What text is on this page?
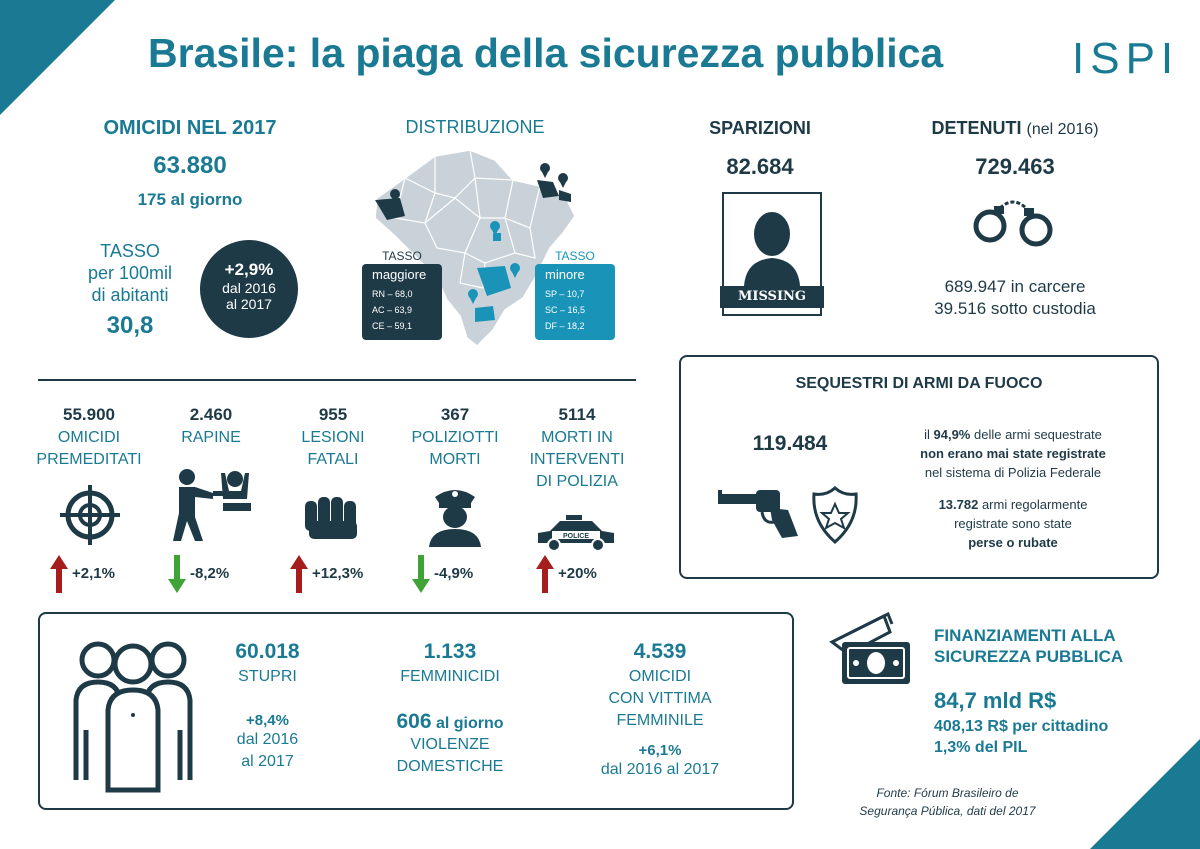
Brasile: la piaga della sicurezza pubblica	ISPI
OMICIDI NEL 2017
63.880
175 al giorno
TASSO
per 100mil
di abitanti
30,8
+2,9%
dal 2016
al 2017
DISTRIBUZIONE
TASSO
maggiore
RN – 68,0
AC – 63,9
CE – 59,1
TASSO
minore
SP – 10,7
SC – 16,5
DF – 18,2
SPARIZIONI
82.684
MISSING
DETENUTI (nel 2016)
729.463
689.947 in carcere
39.516 sotto custodia
55.900
OMICIDI
PREMEDITATI
2.460
RAPINE
955
LESIONI
FATALI
367
POLIZIOTTI
MORTI
5114
MORTI IN
INTERVENTI
DI POLIZIA
POLICE
+2,1%	-8,2%	+12,3%	-4,9%	+20%
SEQUESTRI DI ARMI DA FUOCO
119.484	il 94,9% delle armi sequestrate
non erano mai state registrate
nel sistema di Polizia Federale
13.782 armi regolarmente
registrate sono state
perse o rubate
60.018
STUPRI
+8,4%
dal 2016
al 2017
1.133
FEMMINICIDI
606 al giorno
VIOLENZE
DOMESTICHE
4.539
OMICIDI
CON VITTIMA
FEMMINILE
+6,1%
dal 2016 al 2017
FINANZIAMENTI ALLA
SICUREZZA PUBBLICA
84,7 mld R$
408,13 R$ per cittadino
1,3% del PIL
Fonte: Fórum Brasileiro de
Segurança Pública, dati del 2017
